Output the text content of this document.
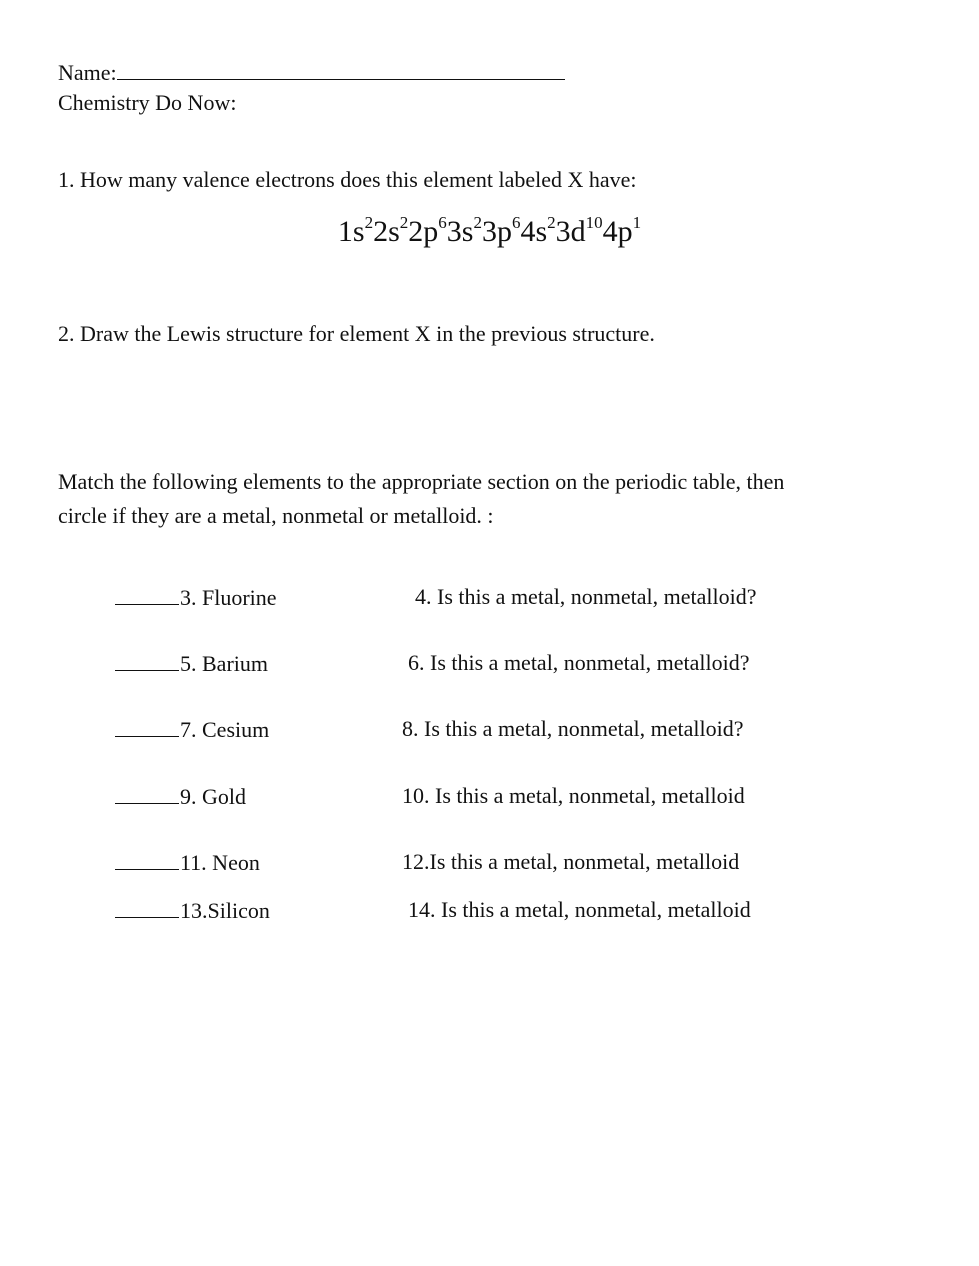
Name:
Chemistry Do Now:
1. How many valence electrons does this element labeled X have:
$1s^22s^22p^63s^23p^64s^23d^{10}4p^1$
2. Draw the Lewis structure for element X in the previous structure.
Match the following elements to the appropriate section on the periodic table, then
circle if they are a metal, nonmetal or metalloid. :
3. Fluorine	4. Is this a metal, nonmetal, metalloid?
5. Barium	6. Is this a metal, nonmetal, metalloid?
7. Cesium	8. Is this a metal, nonmetal, metalloid?
9. Gold	10. Is this a metal, nonmetal, metalloid
11. Neon	12.Is this a metal, nonmetal, metalloid
13.Silicon	14. Is this a metal, nonmetal, metalloid
